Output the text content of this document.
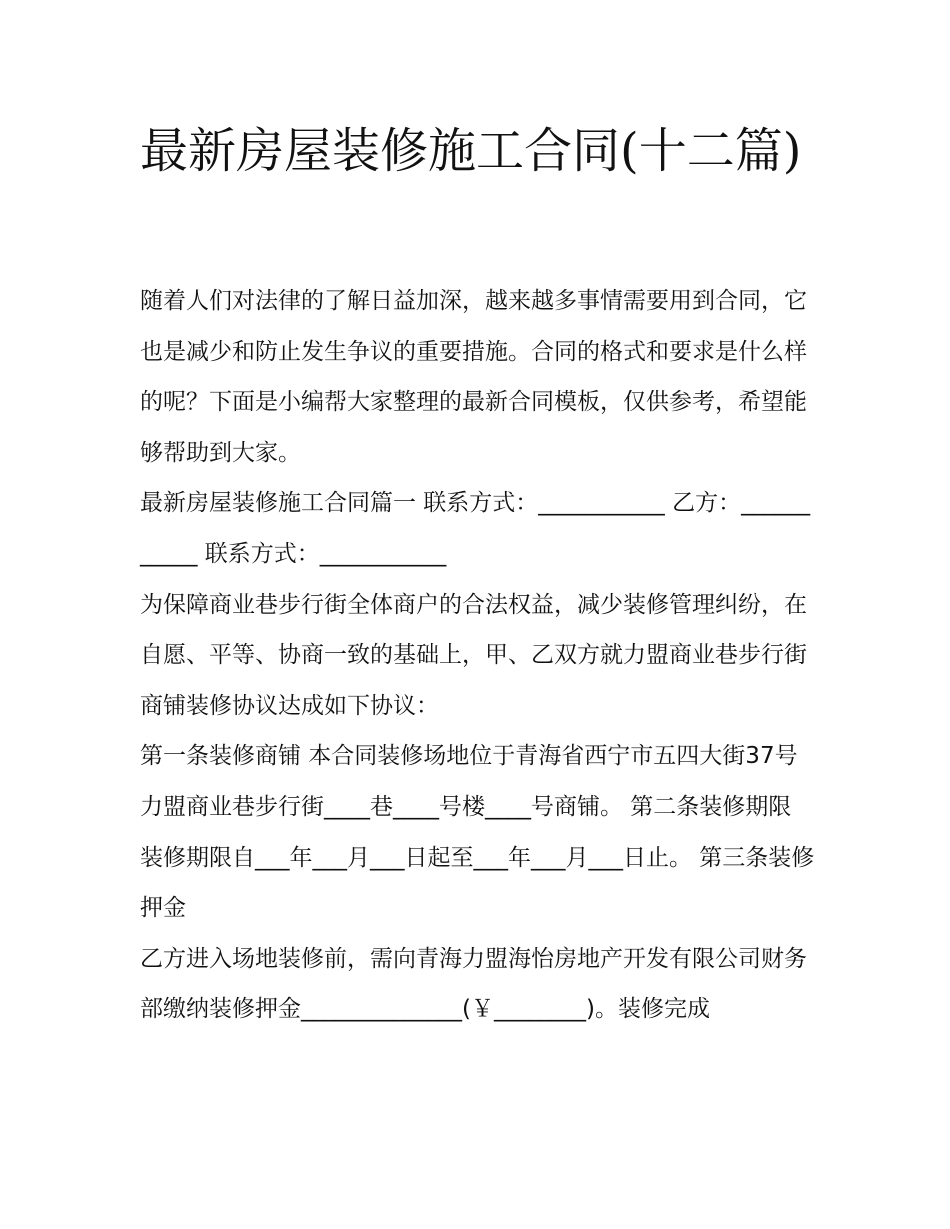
最新房屋装修施工合同(十二篇)

随着人们对法律的了解日益加深，越来越多事情需要用到合同，它也是减少和防止发生争议的重要措施。合同的格式和要求是什么样的呢？下面是小编帮大家整理的最新合同模板，仅供参考，希望能够帮助到大家。

最新房屋装修施工合同篇一 联系方式：___________ 乙方：___________ 联系方式：___________

为保障商业巷步行街全体商户的合法权益，减少装修管理纠纷，在自愿、平等、协商一致的基础上，甲、乙双方就力盟商业巷步行街商铺装修协议达成如下协议：

第一条装修商铺 本合同装修场地位于青海省西宁市五四大街37号力盟商业巷步行街____巷____号楼____号商铺。 第二条装修期限

装修期限自___年___月___日起至___年___月___日止。 第三条装修押金

乙方进入场地装修前，需向青海力盟海怡房地产开发有限公司财务部缴纳装修押金______________(￥________)。装修完成
